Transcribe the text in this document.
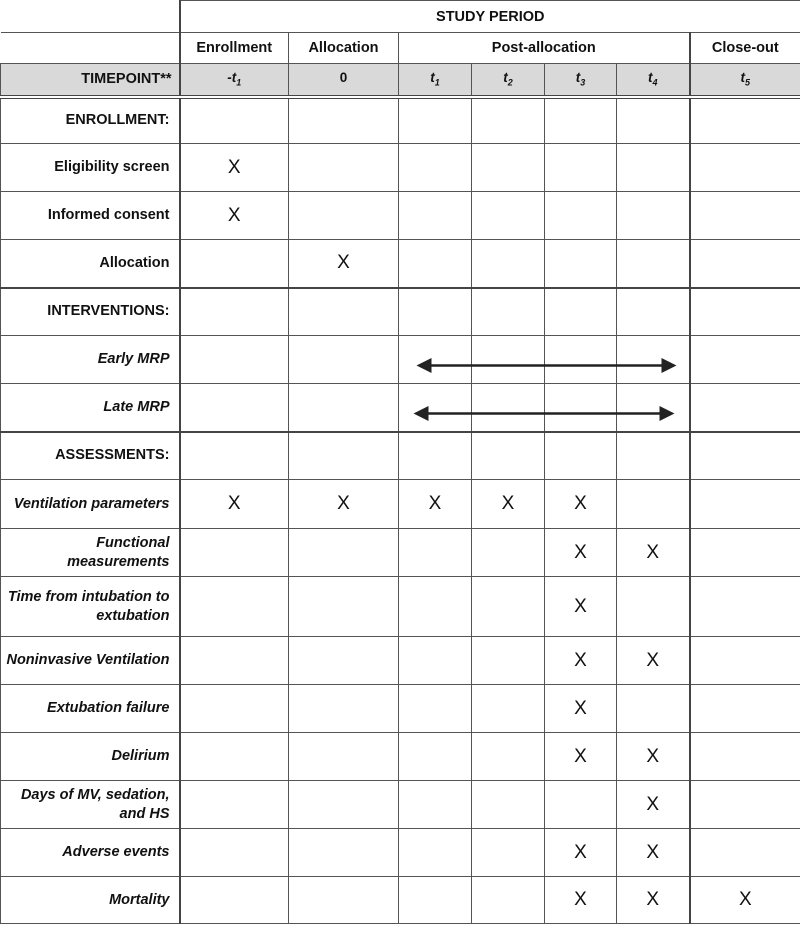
	STUDY PERIOD						
	Enrollment	Allocation	Post-allocation				Close-out
TIMEPOINT**	$-t_1$	0	$t_1$	$t_2$	$t_3$	$t_4$	$t_5$
ENROLLMENT:							
Eligibility screen	X						
Informed consent	X						
Allocation		X					
INTERVENTIONS:							
Early MRP							
Late MRP							
ASSESSMENTS:							
Ventilation parameters	X	X	X	X	X		
Functional measurements					X	X	
Time from intubation to extubation					X		
Noninvasive Ventilation					X	X	
Extubation failure					X		
Delirium					X	X	
Days of MV, sedation, and HS						X	
Adverse events					X	X	
Mortality					X	X	X
